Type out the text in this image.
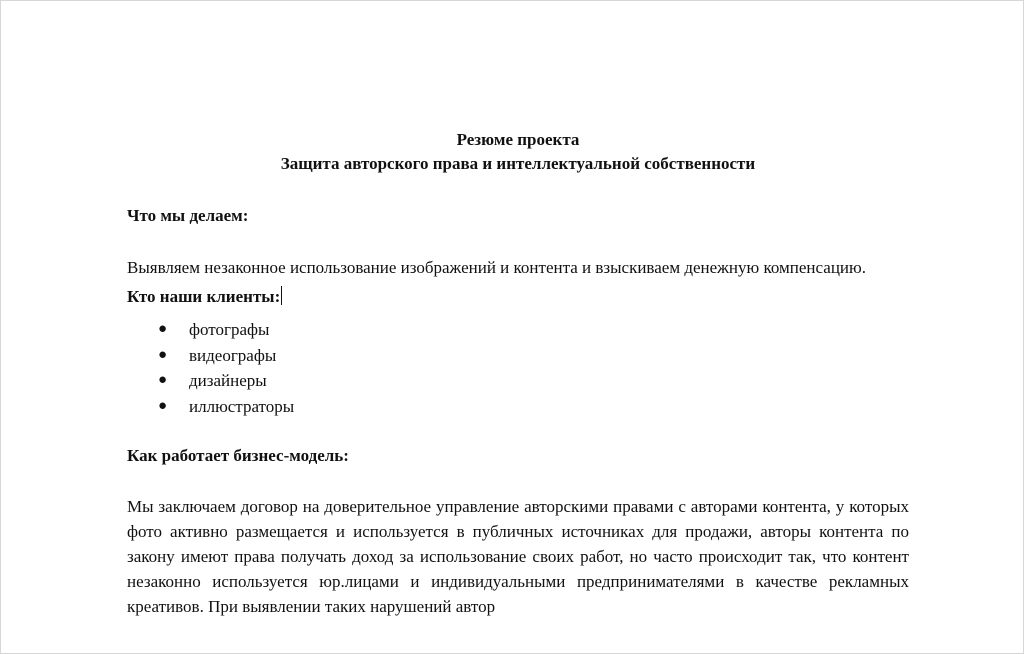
Резюме проекта
Защита авторского права и интеллектуальной собственности
Что мы делаем:
Выявляем незаконное использование изображений и контента и взыскиваем денежную компенсацию.
Кто наши клиенты:
● фотографы
● видеографы
● дизайнеры
● иллюстраторы
Как работает бизнес-модель:
Мы заключаем договор на доверительное управление авторскими правами с авторами контента, у которых фото активно размещается и используется в публичных источниках для продажи, авторы контента по закону имеют права получать доход за использование своих работ, но часто происходит так, что контент незаконно используется юр.лицами и индивидуальными предпринимателями в качестве рекламных креативов. При выявлении таких нарушений автор
